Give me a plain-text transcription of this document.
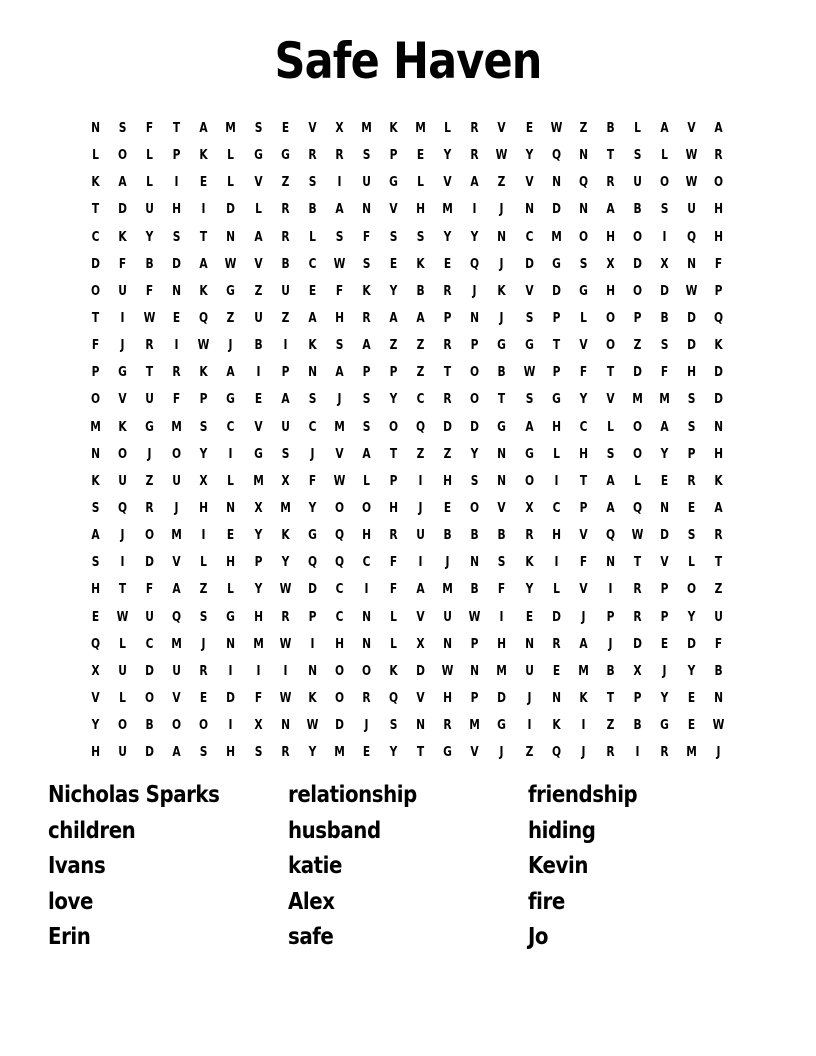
Safe Haven
N	S	F	T	A	M	S	E	V	X	M	K	M	L	R	V	E	W	Z	B	L	A	V	A
L	O	L	P	K	L	G	G	R	R	S	P	E	Y	R	W	Y	Q	N	T	S	L	W	R
K	A	L	I	E	L	V	Z	S	I	U	G	L	V	A	Z	V	N	Q	R	U	O	W	O
T	D	U	H	I	D	L	R	B	A	N	V	H	M	I	J	N	D	N	A	B	S	U	H
C	K	Y	S	T	N	A	R	L	S	F	S	S	Y	Y	N	C	M	O	H	O	I	Q	H
D	F	B	D	A	W	V	B	C	W	S	E	K	E	Q	J	D	G	S	X	D	X	N	F
O	U	F	N	K	G	Z	U	E	F	K	Y	B	R	J	K	V	D	G	H	O	D	W	P
T	I	W	E	Q	Z	U	Z	A	H	R	A	A	P	N	J	S	P	L	O	P	B	D	Q
F	J	R	I	W	J	B	I	K	S	A	Z	Z	R	P	G	G	T	V	O	Z	S	D	K
P	G	T	R	K	A	I	P	N	A	P	P	Z	T	O	B	W	P	F	T	D	F	H	D
O	V	U	F	P	G	E	A	S	J	S	Y	C	R	O	T	S	G	Y	V	M	M	S	D
M	K	G	M	S	C	V	U	C	M	S	O	Q	D	D	G	A	H	C	L	O	A	S	N
N	O	J	O	Y	I	G	S	J	V	A	T	Z	Z	Y	N	G	L	H	S	O	Y	P	H
K	U	Z	U	X	L	M	X	F	W	L	P	I	H	S	N	O	I	T	A	L	E	R	K
S	Q	R	J	H	N	X	M	Y	O	O	H	J	E	O	V	X	C	P	A	Q	N	E	A
A	J	O	M	I	E	Y	K	G	Q	H	R	U	B	B	B	R	H	V	Q	W	D	S	R
S	I	D	V	L	H	P	Y	Q	Q	C	F	I	J	N	S	K	I	F	N	T	V	L	T
H	T	F	A	Z	L	Y	W	D	C	I	F	A	M	B	F	Y	L	V	I	R	P	O	Z
E	W	U	Q	S	G	H	R	P	C	N	L	V	U	W	I	E	D	J	P	R	P	Y	U
Q	L	C	M	J	N	M	W	I	H	N	L	X	N	P	H	N	R	A	J	D	E	D	F
X	U	D	U	R	I	I	I	N	O	O	K	D	W	N	M	U	E	M	B	X	J	Y	B
V	L	O	V	E	D	F	W	K	O	R	Q	V	H	P	D	J	N	K	T	P	Y	E	N
Y	O	B	O	O	I	X	N	W	D	J	S	N	R	M	G	I	K	I	Z	B	G	E	W
H	U	D	A	S	H	S	R	Y	M	E	Y	T	G	V	J	Z	Q	J	R	I	R	M	J
Nicholas Sparks	relationship	friendship
children	husband	hiding
Ivans	katie	Kevin
love	Alex	fire
Erin	safe	Jo
